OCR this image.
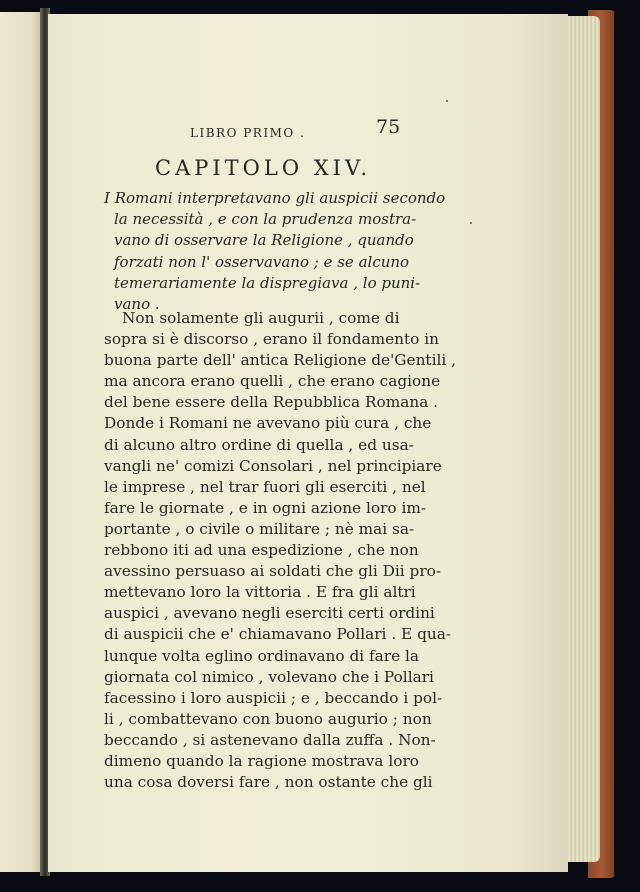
LIBRO PRIMO .	75
CAPITOLO XIV.
I Romani interpretavano gli auspicii secondo
la necessità , e con la prudenza mostra-
vano di osservare la Religione , quando
forzati non l' osservavano ; e se alcuno
temerariamente la dispregiava , lo puni-
vano .
Non solamente gli augurii , come di
sopra si è discorso , erano il fondamento in
buona parte dell' antica Religione de'Gentili ,
ma ancora erano quelli , che erano cagione
del bene essere della Repubblica Romana .
Donde i Romani ne avevano più cura , che
di alcuno altro ordine di quella , ed usa-
vangli ne' comizi Consolari , nel principiare
le imprese , nel trar fuori gli eserciti , nel
fare le giornate , e in ogni azione loro im-
portante , o civile o militare ; nè mai sa-
rebbono iti ad una espedizione , che non
avessino persuaso ai soldati che gli Dii pro-
mettevano loro la vittoria . E fra gli altri
auspici , avevano negli eserciti certi ordini
di auspicii che e' chiamavano Pollari . E qua-
lunque volta eglino ordinavano di fare la
giornata col nimico , volevano che i Pollari
facessino i loro auspicii ; e , beccando i pol-
li , combattevano con buono augurio ; non
beccando , si astenevano dalla zuffa . Non-
dimeno quando la ragione mostrava loro
una cosa doversi fare , non ostante che gli
